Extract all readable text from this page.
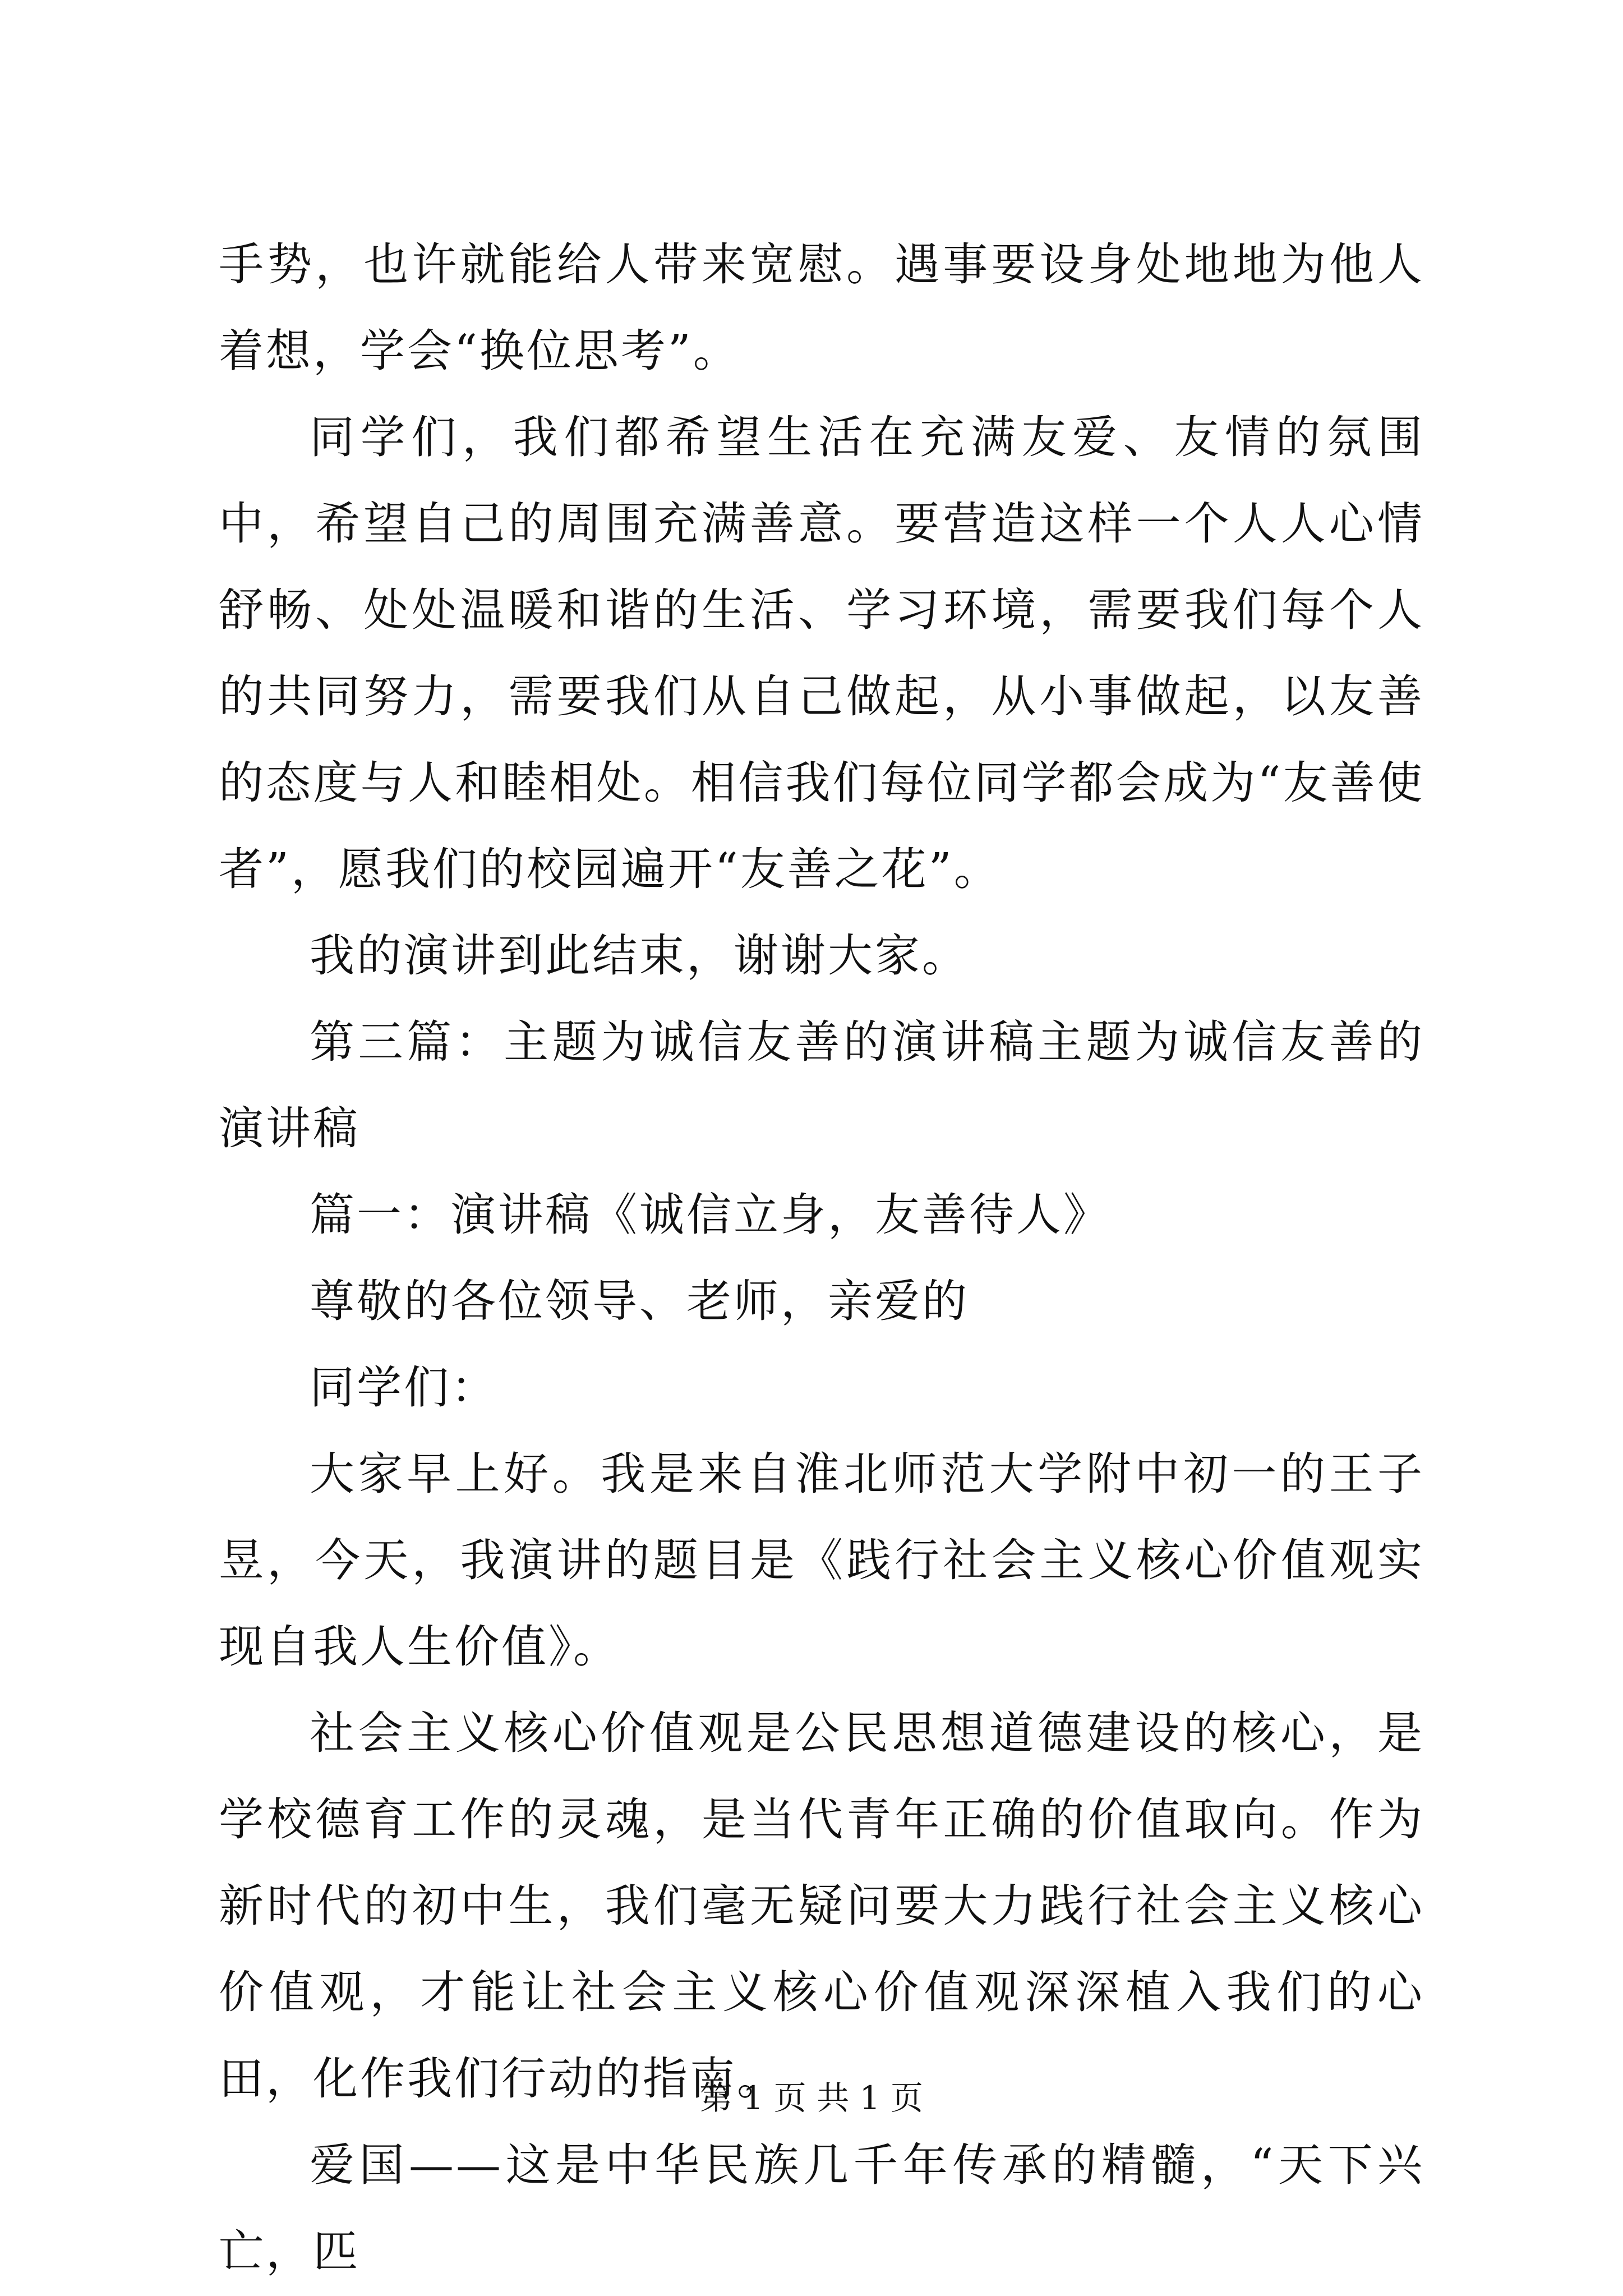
手势，也许就能给人带来宽慰。遇事要设身处地地为他人着想，学会“换位思考”。

同学们，我们都希望生活在充满友爱、友情的氛围中，希望自己的周围充满善意。要营造这样一个人人心情舒畅、处处温暖和谐的生活、学习环境，需要我们每个人的共同努力，需要我们从自己做起，从小事做起，以友善的态度与人和睦相处。相信我们每位同学都会成为“友善使者”，愿我们的校园遍开“友善之花”。

我的演讲到此结束，谢谢大家。

第三篇：主题为诚信友善的演讲稿主题为诚信友善的演讲稿

篇一：演讲稿《诚信立身，友善待人》

尊敬的各位领导、老师，亲爱的

同学们：

大家早上好。我是来自淮北师范大学附中初一的王子昱，今天，我演讲的题目是《践行社会主义核心价值观实现自我人生价值》。

社会主义核心价值观是公民思想道德建设的核心，是学校德育工作的灵魂，是当代青年正确的价值取向。作为新时代的初中生，我们毫无疑问要大力践行社会主义核心价值观，才能让社会主义核心价值观深深植入我们的心田，化作我们行动的指南。

爱国——这是中华民族几千年传承的精髓，“天下兴亡，匹

第 1 页 共 1 页
